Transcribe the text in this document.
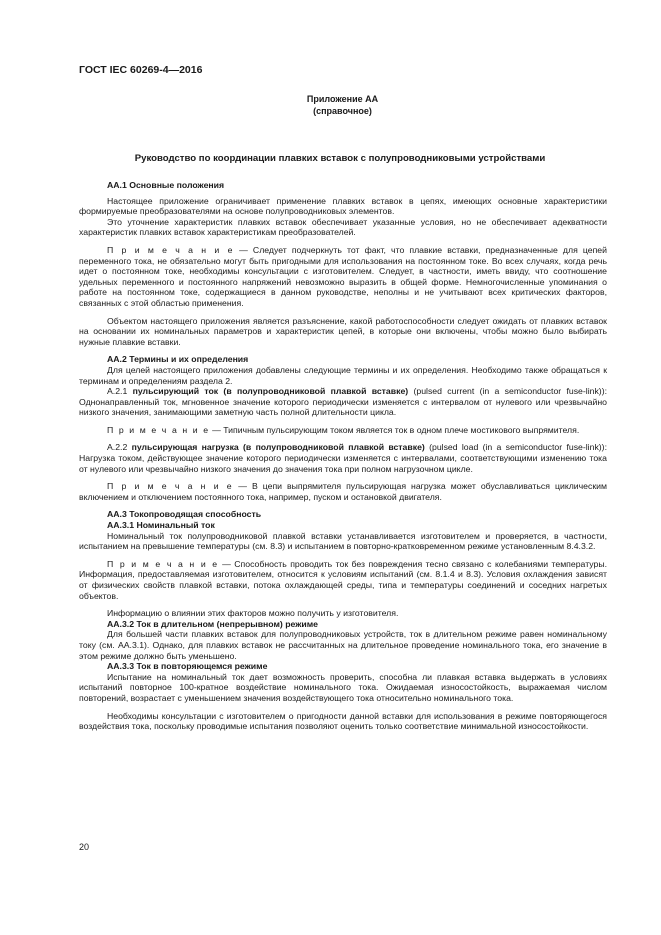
ГОСТ IEC 60269-4—2016
Приложение АА
(справочное)
Руководство по координации плавких вставок с полупроводниковыми устройствами

АА.1 Основные положения

Настоящее приложение ограничивает применение плавких вставок в цепях, имеющих основные характеристики формируемые преобразователями на основе полупроводниковых элементов.

Это уточнение характеристик плавких вставок обеспечивает указанные условия, но не обеспечивает адекватности характеристик плавких вставок характеристикам преобразователей.

П р и м е ч а н и е — Следует подчеркнуть тот факт, что плавкие вставки, предназначенные для цепей переменного тока, не обязательно могут быть пригодными для использования на постоянном токе. Во всех случаях, когда речь идет о постоянном токе, необходимы консультации с изготовителем. Следует, в частности, иметь ввиду, что соотношение удельных переменного и постоянного напряжений невозможно выразить в общей форме. Немногочисленные упоминания о работе на постоянном токе, содержащиеся в данном руководстве, неполны и не учитывают всех критических факторов, связанных с этой областью применения.

Объектом настоящего приложения является разъяснение, какой работоспособности следует ожидать от плавких вставок на основании их номинальных параметров и характеристик цепей, в которые они включены, чтобы можно было выбирать нужные плавкие вставки.

АА.2 Термины и их определения

Для целей настоящего приложения добавлены следующие термины и их определения. Необходимо также обращаться к терминам и определениям раздела 2.

А.2.1 пульсирующий ток (в полупроводниковой плавкой вставке) (pulsed current (in a semiconductor fuse-link)): Однонаправленный ток, мгновенное значение которого периодически изменяется с интервалом от нулевого или чрезвычайно низкого значения, занимающими заметную часть полной длительности цикла.

П р и м е ч а н и е — Типичным пульсирующим током является ток в одном плече мостикового выпрямителя.

А.2.2 пульсирующая нагрузка (в полупроводниковой плавкой вставке) (pulsed load (in a semiconductor fuse-link)): Нагрузка током, действующее значение которого периодически изменяется с интервалами, соответствующими изменению тока от нулевого или чрезвычайно низкого значения до значения тока при полном нагрузочном цикле.

П р и м е ч а н и е — В цепи выпрямителя пульсирующая нагрузка может обуславливаться циклическим включением и отключением постоянного тока, например, пуском и остановкой двигателя.

АА.3 Токопроводящая способность

АА.3.1 Номинальный ток

Номинальный ток полупроводниковой плавкой вставки устанавливается изготовителем и проверяется, в частности, испытанием на превышение температуры (см. 8.3) и испытанием в повторно-кратковременном режиме установленным 8.4.3.2.

П р и м е ч а н и е — Способность проводить ток без повреждения тесно связано с колебаниями температуры. Информация, предоставляемая изготовителем, относится к условиям испытаний (см. 8.1.4 и 8.3). Условия охлаждения зависят от физических свойств плавкой вставки, потока охлаждающей среды, типа и температуры соединений и соседних нагретых объектов.

Информацию о влиянии этих факторов можно получить у изготовителя.

АА.3.2 Ток в длительном (непрерывном) режиме

Для большей части плавких вставок для полупроводниковых устройств, ток в длительном режиме равен номинальному току (см. АА.3.1). Однако, для плавких вставок не рассчитанных на длительное проведение номинального тока, его значение в этом режиме должно быть уменьшено.

АА.3.3 Ток в повторяющемся режиме

Испытание на номинальный ток дает возможность проверить, способна ли плавкая вставка выдержать в условиях испытаний повторное 100-кратное воздействие номинального тока. Ожидаемая износостойкость, выражаемая числом повторений, возрастает с уменьшением значения воздействующего тока относительно номинального тока.

Необходимы консультации с изготовителем о пригодности данной вставки для использования в режиме повторяющегося воздействия тока, поскольку проводимые испытания позволяют оценить только соответствие минимальной износостойкости.

20
